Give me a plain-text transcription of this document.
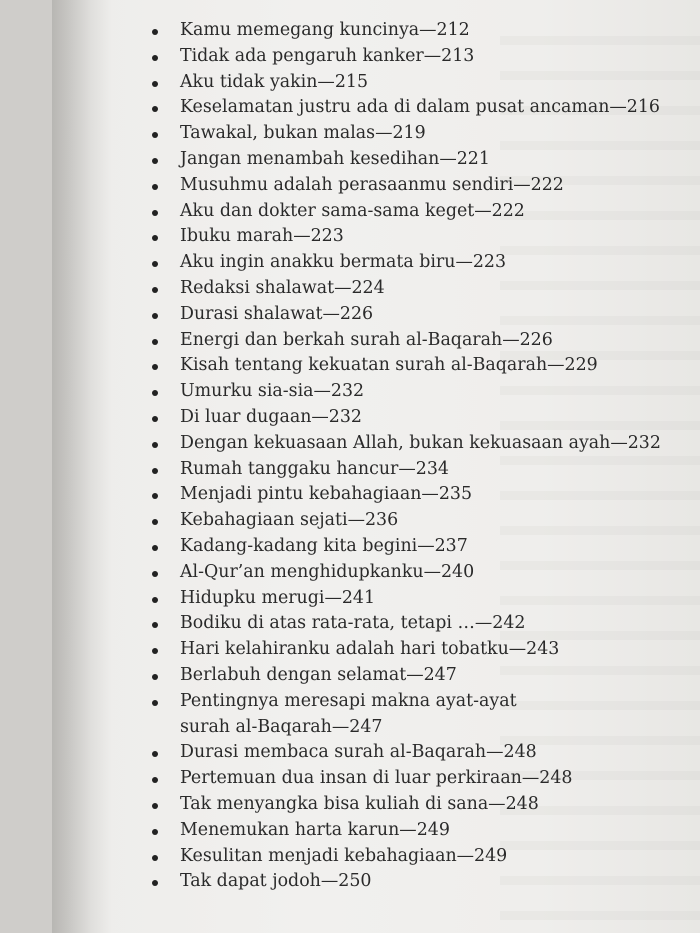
Kamu memegang kuncinya—212
Tidak ada pengaruh kanker—213
Aku tidak yakin—215
Keselamatan justru ada di dalam pusat ancaman—216
Tawakal, bukan malas—219
Jangan menambah kesedihan—221
Musuhmu adalah perasaanmu sendiri—222
Aku dan dokter sama-sama keget—222
Ibuku marah—223
Aku ingin anakku bermata biru—223
Redaksi shalawat—224
Durasi shalawat—226
Energi dan berkah surah al-Baqarah—226
Kisah tentang kekuatan surah al-Baqarah—229
Umurku sia-sia—232
Di luar dugaan—232
Dengan kekuasaan Allah, bukan kekuasaan ayah—232
Rumah tanggaku hancur—234
Menjadi pintu kebahagiaan—235
Kebahagiaan sejati—236
Kadang-kadang kita begini—237
Al-Qur’an menghidupkanku—240
Hidupku merugi—241
Bodiku di atas rata-rata, tetapi …—242
Hari kelahiranku adalah hari tobatku—243
Berlabuh dengan selamat—247
Pentingnya meresapi makna ayat-ayat surah al-Baqarah—247
Durasi membaca surah al-Baqarah—248
Pertemuan dua insan di luar perkiraan—248
Tak menyangka bisa kuliah di sana—248
Menemukan harta karun—249
Kesulitan menjadi kebahagiaan—249
Tak dapat jodoh—250
